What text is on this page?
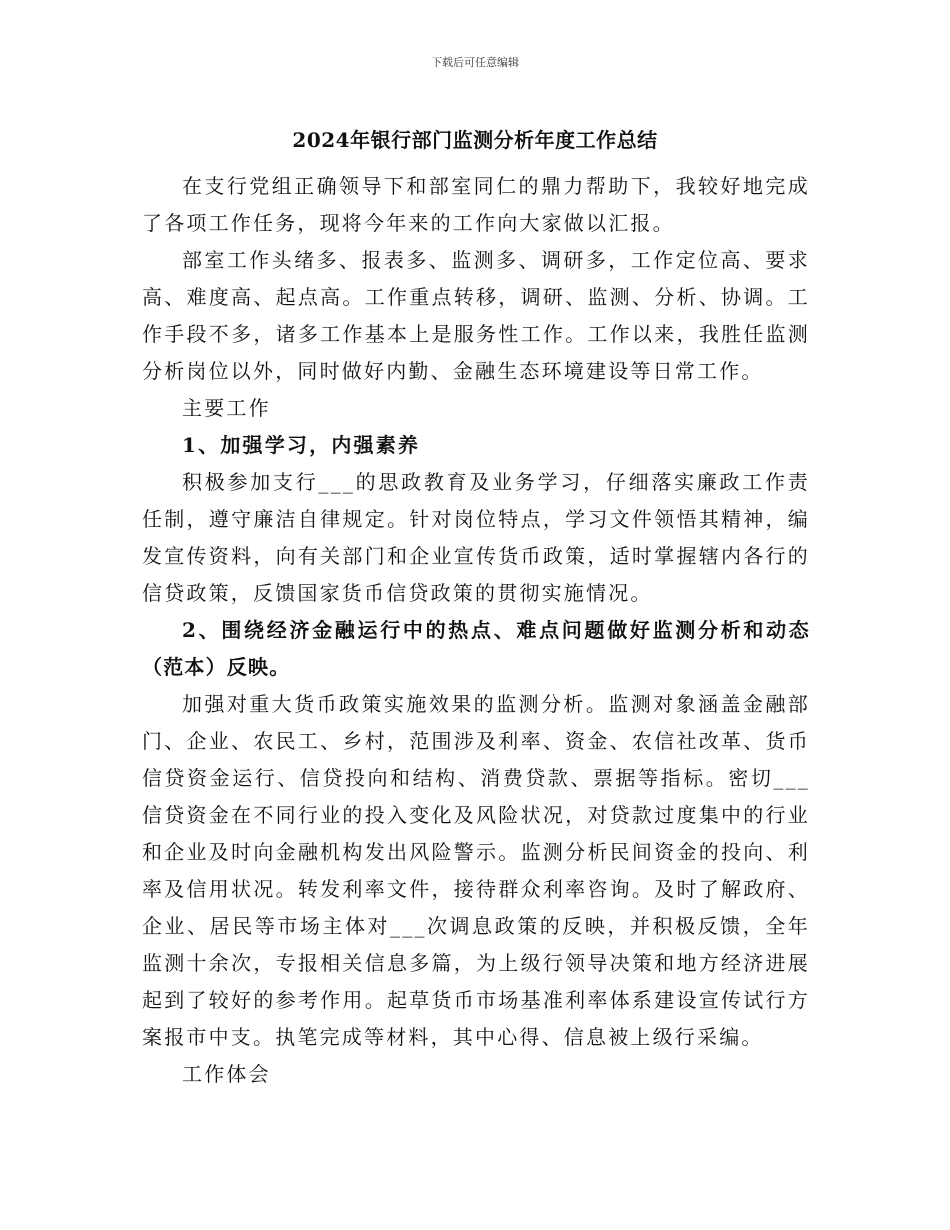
下载后可任意编辑
2024年银行部门监测分析年度工作总结

在支行党组正确领导下和部室同仁的鼎力帮助下，我较好地完成了各项工作任务，现将今年来的工作向大家做以汇报。

部室工作头绪多、报表多、监测多、调研多，工作定位高、要求高、难度高、起点高。工作重点转移，调研、监测、分析、协调。工作手段不多，诸多工作基本上是服务性工作。工作以来，我胜任监测分析岗位以外，同时做好内勤、金融生态环境建设等日常工作。

主要工作

1、加强学习，内强素养

积极参加支行___的思政教育及业务学习，仔细落实廉政工作责任制，遵守廉洁自律规定。针对岗位特点，学习文件领悟其精神，编发宣传资料，向有关部门和企业宣传货币政策，适时掌握辖内各行的信贷政策，反馈国家货币信贷政策的贯彻实施情况。

2、围绕经济金融运行中的热点、难点问题做好监测分析和动态（范本）反映。

加强对重大货币政策实施效果的监测分析。监测对象涵盖金融部门、企业、农民工、乡村，范围涉及利率、资金、农信社改革、货币信贷资金运行、信贷投向和结构、消费贷款、票据等指标。密切___信贷资金在不同行业的投入变化及风险状况，对贷款过度集中的行业和企业及时向金融机构发出风险警示。监测分析民间资金的投向、利率及信用状况。转发利率文件，接待群众利率咨询。及时了解政府、企业、居民等市场主体对___次调息政策的反映，并积极反馈，全年监测十余次，专报相关信息多篇，为上级行领导决策和地方经济进展起到了较好的参考作用。起草货币市场基准利率体系建设宣传试行方案报市中支。执笔完成等材料，其中心得、信息被上级行采编。

工作体会
